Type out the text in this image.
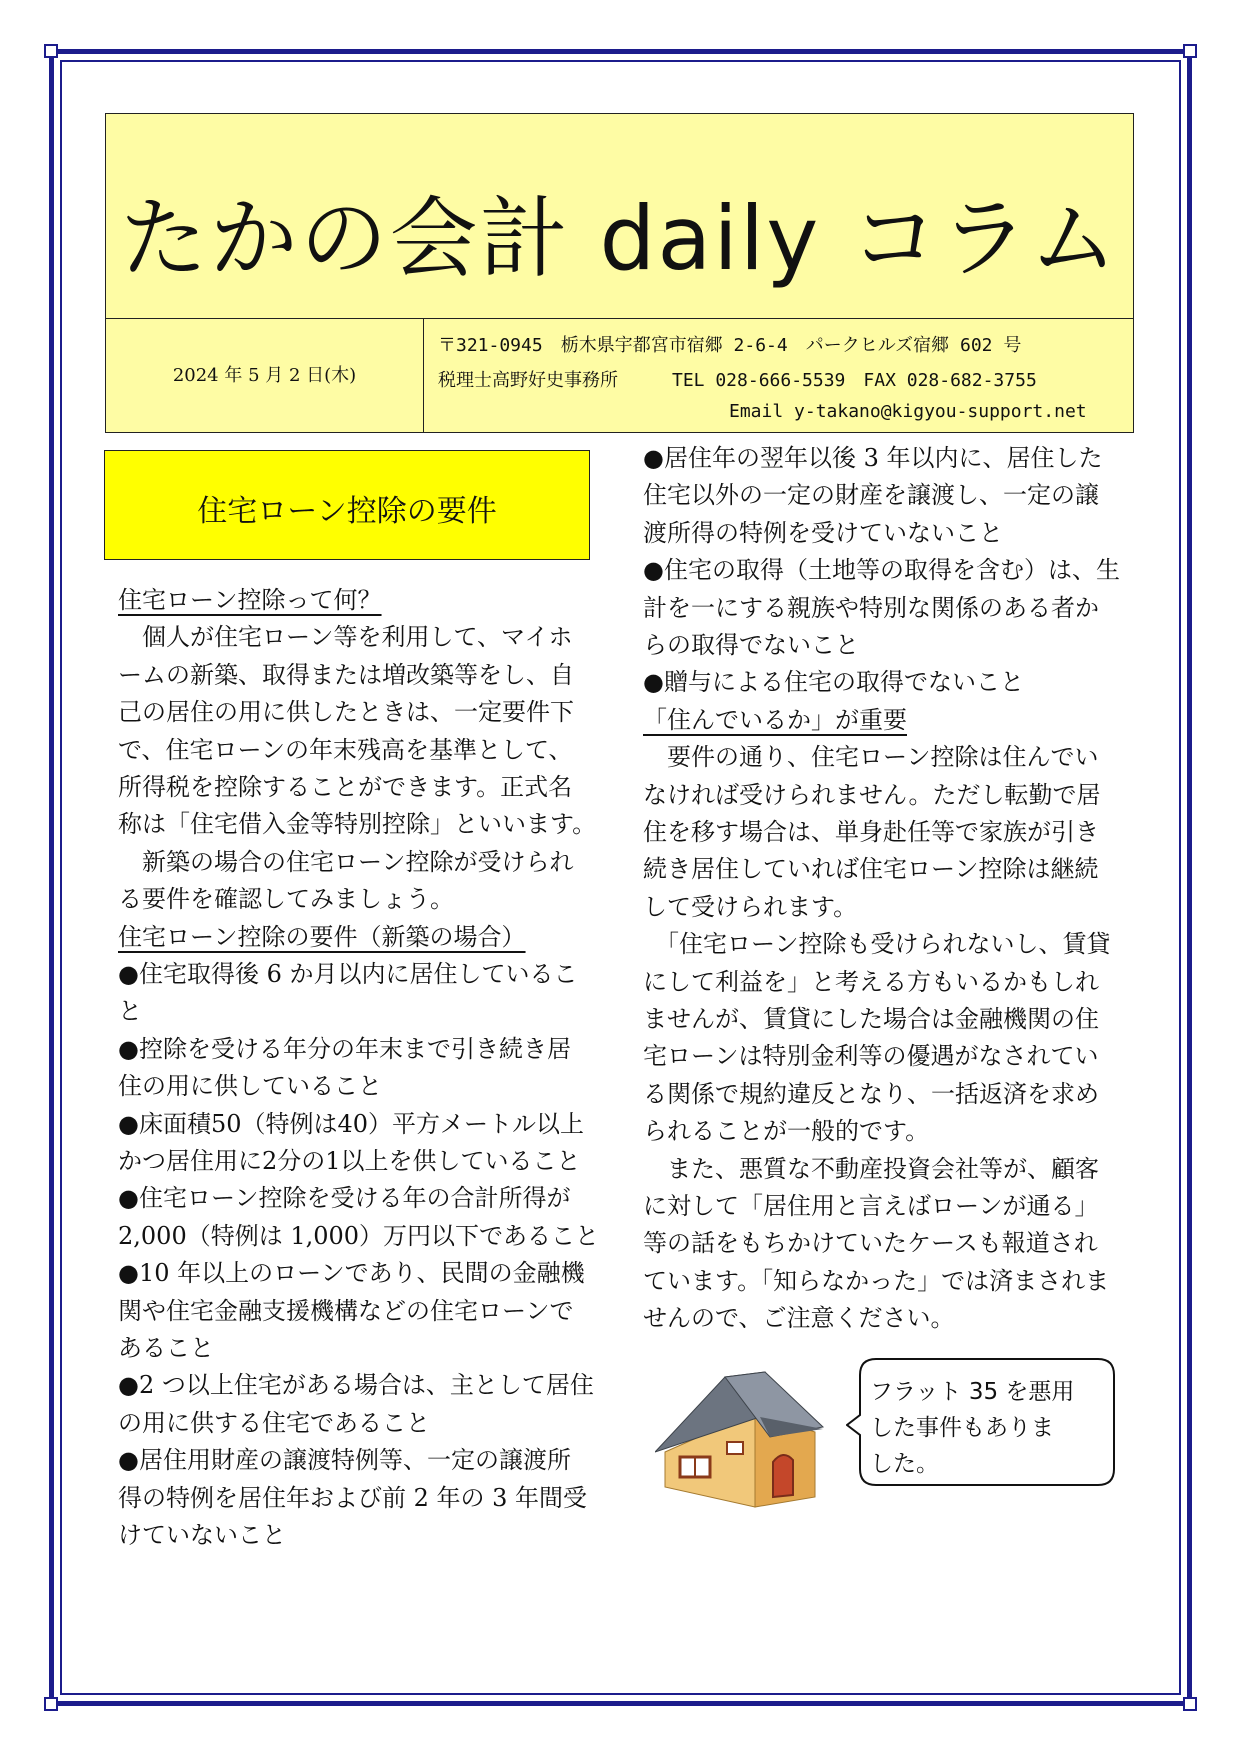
たかの会計 daily コラム
2024 年 5 月 2 日(木)
〒321-0945　栃木県宇都宮市宿郷 2-6-4　パークヒルズ宿郷 602 号
税理士高野好史事務所　　　TEL 028-666-5539　FAX 028-682-3755
Email y-takano@kigyou-support.net
住宅ローン控除の要件
住宅ローン控除って何？
　個人が住宅ローン等を利用して、マイホ
ームの新築、取得または増改築等をし、自
己の居住の用に供したときは、一定要件下
で、住宅ローンの年末残高を基準として、
所得税を控除することができます。正式名
称は「住宅借入金等特別控除」といいます。
　新築の場合の住宅ローン控除が受けられ
る要件を確認してみましょう。
住宅ローン控除の要件（新築の場合）
●住宅取得後 6 か月以内に居住しているこ
と
●控除を受ける年分の年末まで引き続き居
住の用に供していること
●床面積50（特例は40）平方メートル以上
かつ居住用に2分の1以上を供していること
●住宅ローン控除を受ける年の合計所得が
2,000（特例は 1,000）万円以下であること
●10 年以上のローンであり、民間の金融機
関や住宅金融支援機構などの住宅ローンで
あること
●2 つ以上住宅がある場合は、主として居住
の用に供する住宅であること
●居住用財産の譲渡特例等、一定の譲渡所
得の特例を居住年および前 2 年の 3 年間受
けていないこと
●居住年の翌年以後 3 年以内に、居住した
住宅以外の一定の財産を譲渡し、一定の譲
渡所得の特例を受けていないこと
●住宅の取得（土地等の取得を含む）は、生
計を一にする親族や特別な関係のある者か
らの取得でないこと
●贈与による住宅の取得でないこと
「住んでいるか」が重要
　要件の通り、住宅ローン控除は住んでい
なければ受けられません。ただし転勤で居
住を移す場合は、単身赴任等で家族が引き
続き居住していれば住宅ローン控除は継続
して受けられます。
　「住宅ローン控除も受けられないし、賃貸
にして利益を」と考える方もいるかもしれ
ませんが、賃貸にした場合は金融機関の住
宅ローンは特別金利等の優遇がなされてい
る関係で規約違反となり、一括返済を求め
られることが一般的です。
　また、悪質な不動産投資会社等が、顧客
に対して「居住用と言えばローンが通る」
等の話をもちかけていたケースも報道され
ています。「知らなかった」では済まされま
せんので、ご注意ください。
フラット 35 を悪用
した事件もありま
した。
